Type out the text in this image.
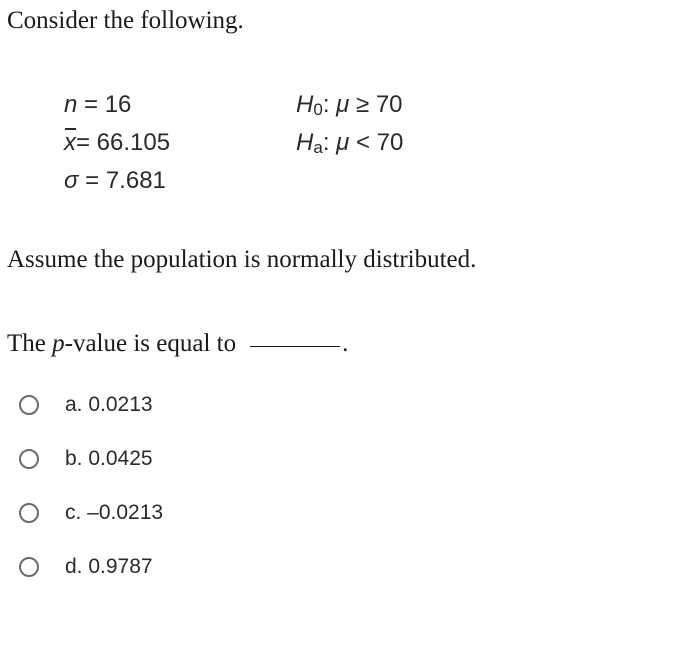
Consider the following.
n = 16
x= 66.105
σ = 7.681
H0: μ ≥ 70
Ha: μ < 70
Assume the population is normally distributed.
The p-value is equal to	.
a. 0.0213
b. 0.0425
c. –0.0213
d. 0.9787
